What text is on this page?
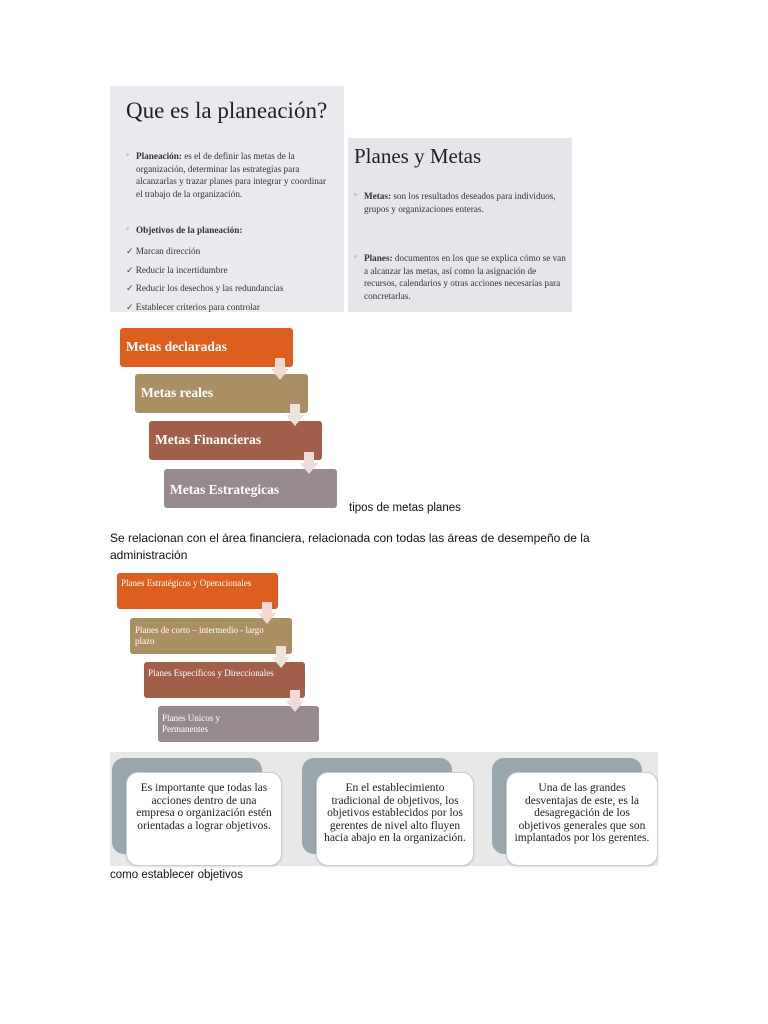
Que es la planeación?
◦ Planeación: es el de definir las metas de la organización, determinar las estrategias para alcanzarlas y trazar planes para integrar y coordinar el trabajo de la organización.
◦ Objetivos de la planeación:
✓ Marcan dirección
✓ Reducir la incertidumbre
✓ Reducir los desechos y las redundancias
✓ Establecer criterios para controlar
Planes y Metas
◦ Metas: son los resultados deseados para individuos, grupos y organizaciones enteras.
◦ Planes: documentos en los que se explica cómo se van a alcanzar las metas, así como la asignación de recursos, calendarios y otras acciones necesarias para concretarlas.
Metas declaradas
Metas reales
Metas Financieras
Metas Estrategicas
tipos de metas planes
Se relacionan con el área financiera, relacionada con todas las áreas de desempeño de la administración
Planes Estratégicos y Operacionales
Planes de corto – intermedio - largo plazo
Planes Específicos y Direccionales
Planes Unicos y Permanentes
Es importante que todas las acciones dentro de una empresa o organización estén orientadas a lograr objetivos.
En el establecimiento tradicional de objetivos, los objetivos establecidos por los gerentes de nivel alto fluyen hacia abajo en la organización.
Una de las grandes desventajas de este, es la desagregación de los objetivos generales que son implantados por los gerentes.
como establecer objetivos
